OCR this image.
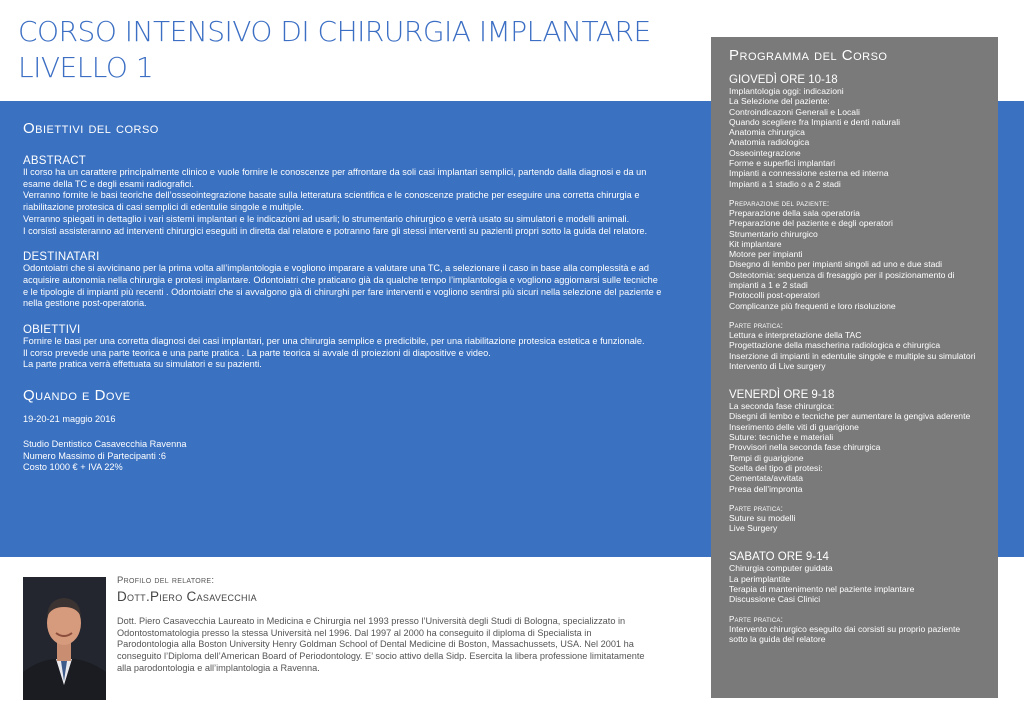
CORSO INTENSIVO DI CHIRURGIA IMPLANTARE
LIVELLO 1
Obiettivi del corso
ABSTRACT

Il corso ha un carattere principalmente clinico e vuole fornire le conoscenze per affrontare da soli casi implantari semplici, partendo dalla diagnosi e da un esame della TC e degli esami radiografici.

Verranno fornite le basi teoriche dell’osseointegrazione basate sulla letteratura scientifica e le conoscenze pratiche per eseguire una corretta chirurgia e riabilitazione protesica di casi semplici di edentulie singole e multiple.

Verranno spiegati in dettaglio i vari sistemi implantari e le indicazioni ad usarli; lo strumentario chirurgico e verrà usato su simulatori e modelli animali.

I corsisti assisteranno ad interventi chirurgici eseguiti in diretta dal relatore e potranno fare gli stessi interventi su pazienti propri sotto la guida del relatore.

DESTINATARI
Odontoiatri che si avvicinano per la prima volta all’implantologia e vogliono imparare a valutare una TC, a selezionare il caso in base alla complessità e ad acquisire autonomia nella chirurgia e protesi implantare. Odontoiatri che praticano già da qualche tempo l’implantologia e vogliono aggiornarsi sulle tecniche e le tipologie di impianti più recenti . Odontoiatri che si avvalgono già di chirurghi per fare interventi e vogliono sentirsi più sicuri nella selezione del paziente e nella gestione post-operatoria.
OBIETTIVI

Fornire le basi per una corretta diagnosi dei casi implantari, per una chirurgia semplice e predicibile, per una riabilitazione protesica estetica e funzionale.

Il corso prevede una parte teorica e una parte pratica . La parte teorica si avvale di proiezioni di diapositive e video.

La parte pratica verrà effettuata su simulatori e su pazienti.

Quando e Dove
19-20-21 maggio 2016
Studio Dentistico Casavecchia Ravenna
Numero Massimo di Partecipanti :6
Costo 1000 € + IVA 22%
Programma del Corso
GIOVEDÌ ORE 10-18
Implantologia oggi: indicazioni
La Selezione del paziente:
Controindicazoni Generali e Locali
Quando scegliere fra Impianti e denti naturali
Anatomia chirurgica
Anatomia radiologica
Osseointegrazione
Forme e superfici implantari
Impianti a connessione esterna ed interna
Impianti a 1 stadio o a 2 stadi
Preparazione del paziente:
Preparazione della sala operatoria
Preparazione del paziente e degli operatori
Strumentario chirurgico
Kit implantare
Motore per impianti
Disegno di lembo per impianti singoli ad uno e due stadi
Osteotomia: sequenza di fresaggio per il posizionamento di impianti a 1 e 2 stadi
Protocolli post-operatori
Complicanze più frequenti e loro risoluzione
Parte pratica:
Lettura e interpretazione della TAC
Progettazione della mascherina radiologica e chirurgica
Inserzione di impianti in edentulie singole e multiple su simulatori
Intervento di Live surgery
VENERDÌ ORE 9-18
La seconda fase chirurgica:
Disegni di lembo e tecniche per aumentare la gengiva aderente
Inserimento delle viti di guarigione
Suture: tecniche e materiali
Provvisori nella seconda fase chirurgica
Tempi di guarigione
Scelta del tipo di protesi:
Cementata/avvitata
Presa dell’impronta
Parte pratica:
Suture su modelli
Live Surgery
SABATO ORE 9-14
Chirurgia computer guidata
La perimplantite
Terapia di mantenimento nel paziente implantare
Discussione Casi Clinici
Parte pratica:
Intervento chirurgico eseguito dai corsisti su proprio paziente sotto la guida del relatore
Profilo del relatore:
Dott.Piero Casavecchia
Dott. Piero Casavecchia Laureato in Medicina e Chirurgia nel 1993 presso l’Università degli Studi di Bologna, specializzato in Odontostomatologia presso la stessa Università nel 1996. Dal 1997 al 2000 ha conseguito il diploma di Specialista in Parodontologia alla Boston University Henry Goldman School of Dental Medicine di Boston, Massachussets, USA. Nel 2001 ha conseguito l’Diploma dell’American Board of Periodontology. E’ socio attivo della Sidp. Esercita la libera professione limitatamente alla parodontologia e all’implantologia a Ravenna.
